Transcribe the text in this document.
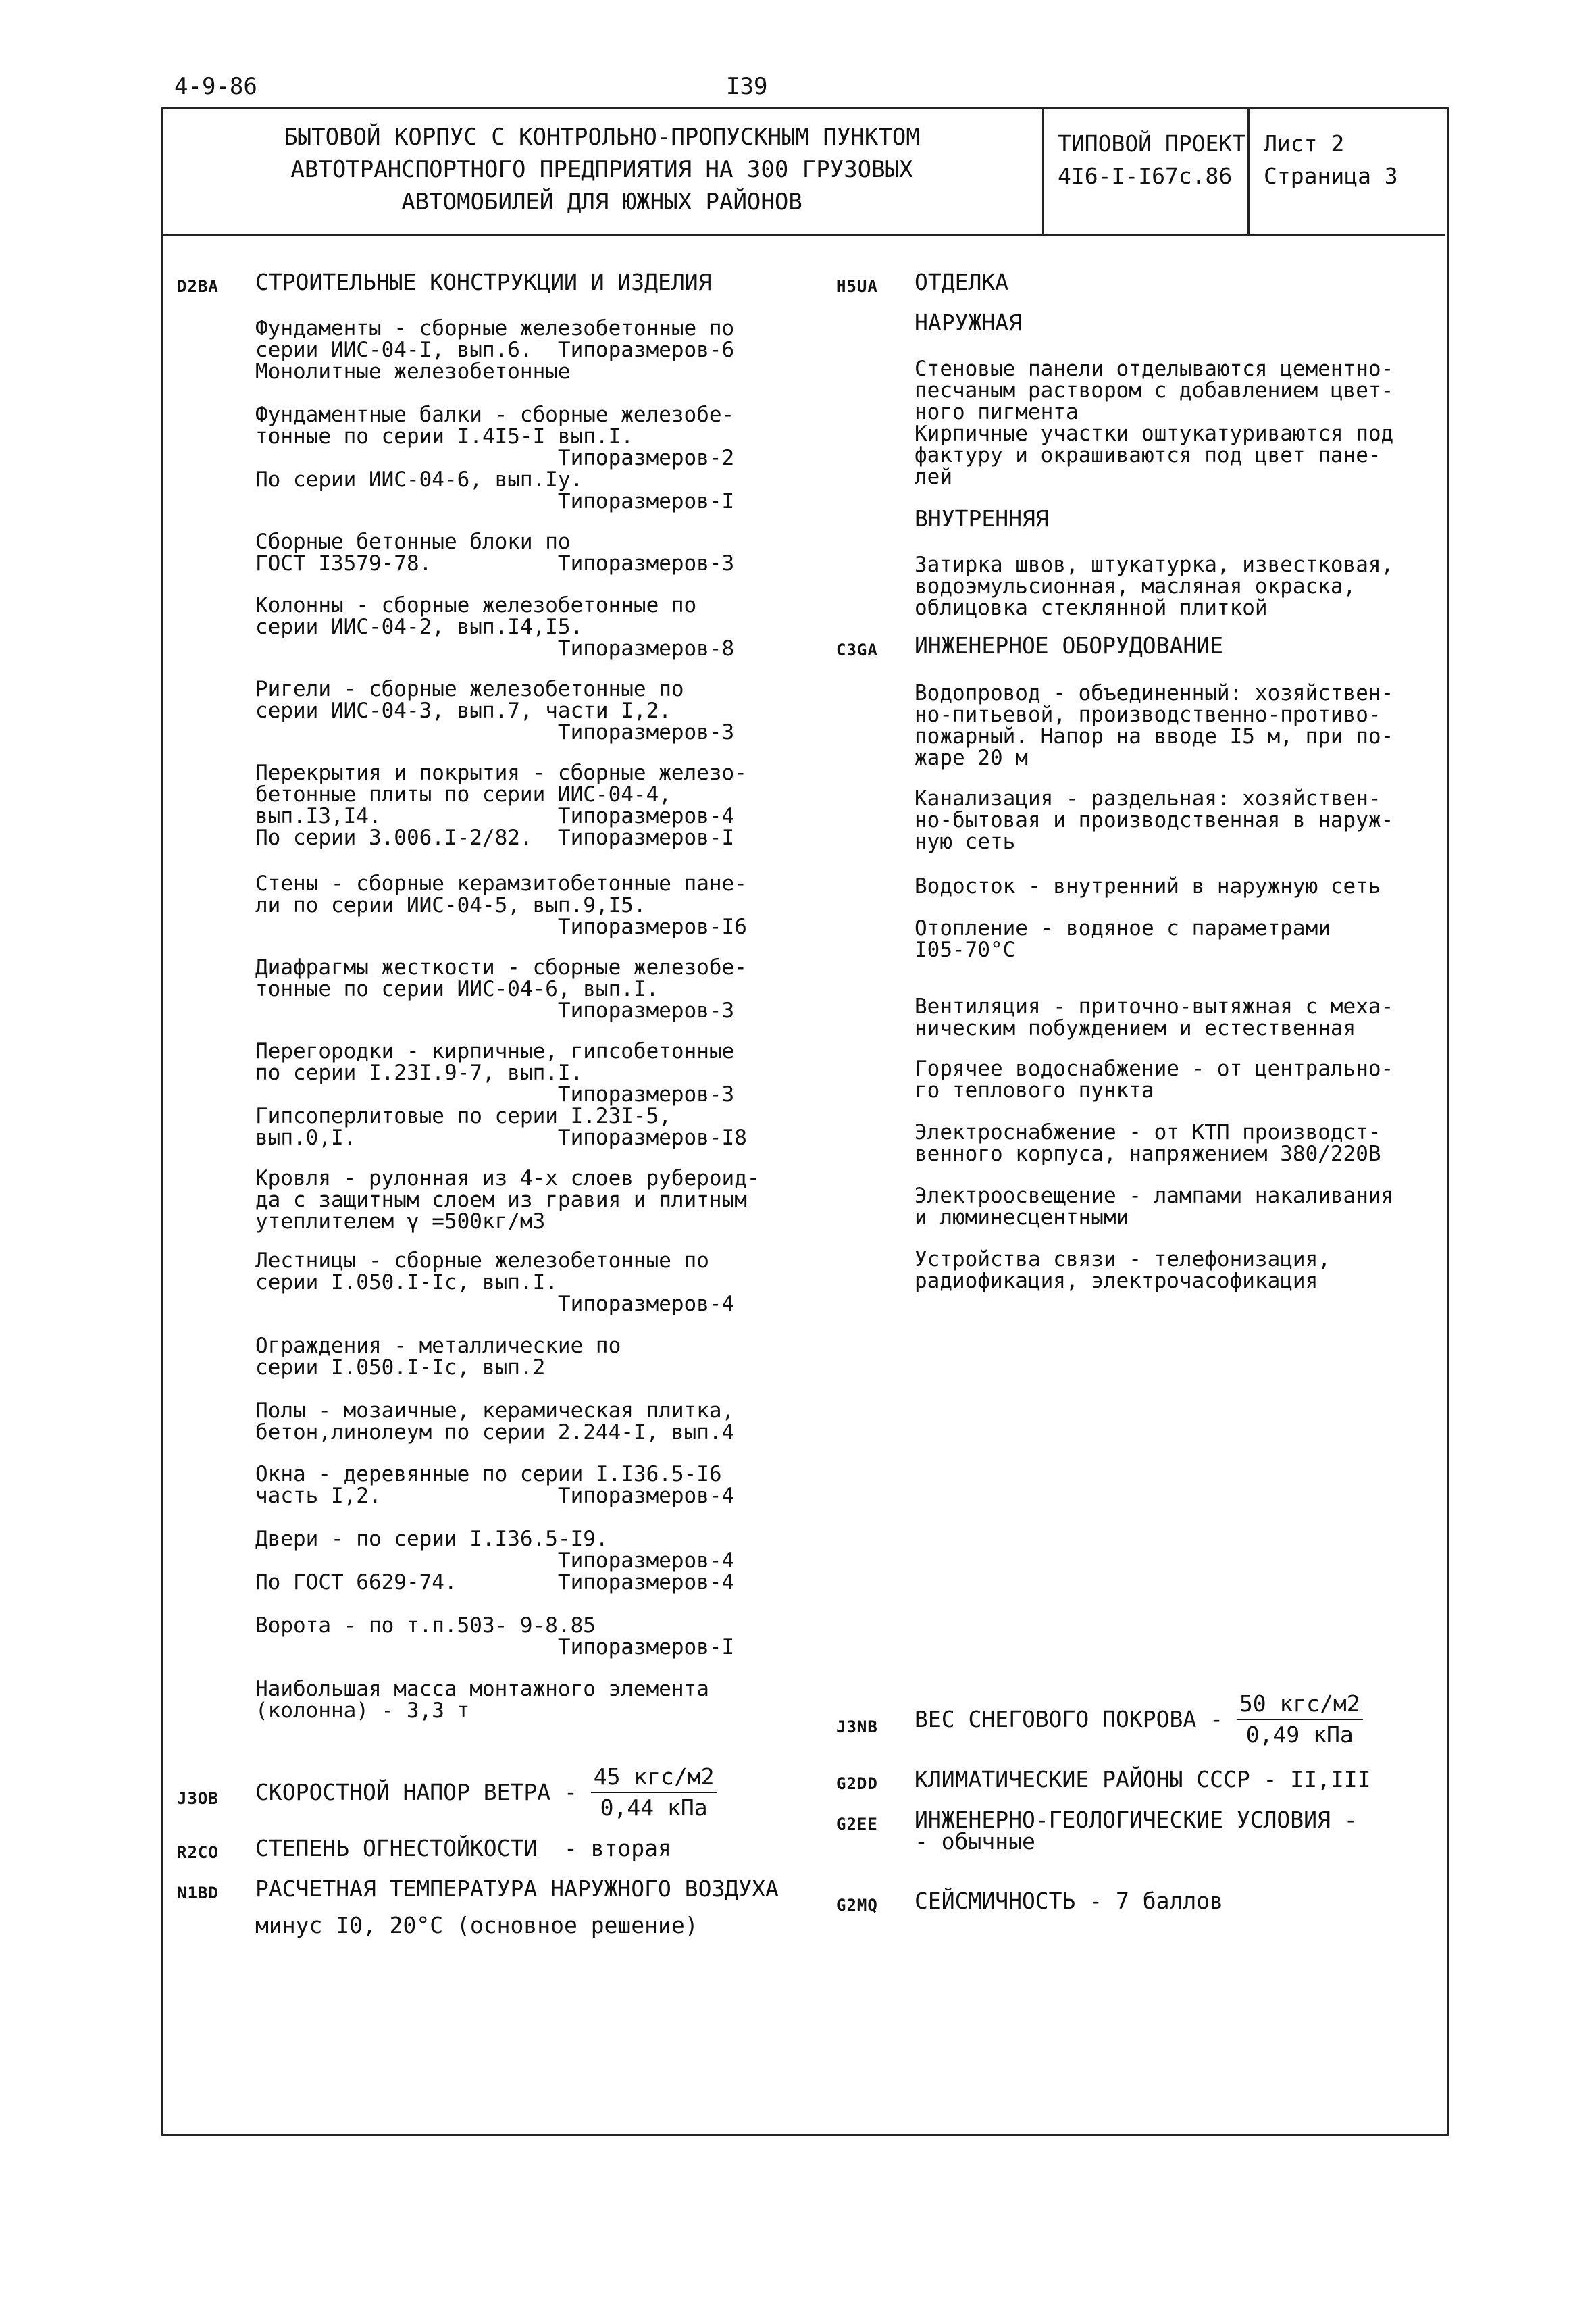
4-9-86	I39
БЫТОВОЙ КОРПУС С КОНТРОЛЬНО-ПРОПУСКНЫМ ПУНКТОМ
АВТОТРАНСПОРТНОГО ПРЕДПРИЯТИЯ НА 300 ГРУЗОВЫХ
АВТОМОБИЛЕЙ ДЛЯ ЮЖНЫХ РАЙОНОВ
ТИПОВОЙ ПРОЕКТ
4I6-I-I67с.86
Лист 2
Страница 3
D2BA СТРОИТЕЛЬНЫЕ КОНСТРУКЦИИ И ИЗДЕЛИЯ
Фундаменты - сборные железобетонные по
серии ИИС-04-I, вып.6.  Типоразмеров-6
Монолитные железобетонные
Фундаментные балки - сборные железобе-
тонные по серии I.4I5-I вып.I.
Типоразмеров-2
По серии ИИС-04-6, вып.Iу.
Типоразмеров-I
Сборные бетонные блоки по
ГОСТ I3579-78.          Типоразмеров-3
Колонны - сборные железобетонные по
серии ИИС-04-2, вып.I4,I5.
Типоразмеров-8
Ригели - сборные железобетонные по
серии ИИС-04-3, вып.7, части I,2.
Типоразмеров-3
Перекрытия и покрытия - сборные железо-
бетонные плиты по серии ИИС-04-4,
вып.I3,I4.              Типоразмеров-4
По серии 3.006.I-2/82.  Типоразмеров-I
Стены - сборные керамзитобетонные пане-
ли по серии ИИС-04-5, вып.9,I5.
Типоразмеров-I6
Диафрагмы жесткости - сборные железобе-
тонные по серии ИИС-04-6, вып.I.
Типоразмеров-3
Перегородки - кирпичные, гипсобетонные
по серии I.23I.9-7, вып.I.
Типоразмеров-3
Гипсоперлитовые по серии I.23I-5,
вып.0,I.                Типоразмеров-I8
Кровля - рулонная из 4-х слоев рубероид-
да с защитным слоем из гравия и плитным
утеплителем γ =500кг/м3
Лестницы - сборные железобетонные по
серии I.050.I-Iс, вып.I.
Типоразмеров-4
Ограждения - металлические по
серии I.050.I-Iс, вып.2
Полы - мозаичные, керамическая плитка,
бетон,линолеум по серии 2.244-I, вып.4
Окна - деревянные по серии I.I36.5-I6
часть I,2.              Типоразмеров-4
Двери - по серии I.I36.5-I9.
Типоразмеров-4
По ГОСТ 6629-74.        Типоразмеров-4
Ворота - по т.п.503- 9-8.85
Типоразмеров-I
Наибольшая масса монтажного элемента
(колонна) - 3,3 т
J3OB СКОРОСТНОЙ НАПОР ВЕТРА - $\frac{\text{45 кгс/м2}}{\text{0,44 кПа}}$
R2CO СТЕПЕНЬ ОГНЕСТОЙКОСТИ  - вторая
N1BD РАСЧЕТНАЯ ТЕМПЕРАТУРА НАРУЖНОГО ВОЗДУХА
минус I0, 20°С (основное решение)
H5UA ОТДЕЛКА
НАРУЖНАЯ
Стеновые панели отделываются цементно-
песчаным раствором с добавлением цвет-
ного пигмента
Кирпичные участки оштукатуриваются под
фактуру и окрашиваются под цвет пане-
лей
ВНУТРЕННЯЯ
Затирка швов, штукатурка, известковая,
водоэмульсионная, масляная окраска,
облицовка стеклянной плиткой
C3GA ИНЖЕНЕРНОЕ ОБОРУДОВАНИЕ
Водопровод - объединенный: хозяйствен-
но-питьевой, производственно-противо-
пожарный. Напор на вводе I5 м, при по-
жаре 20 м
Канализация - раздельная: хозяйствен-
но-бытовая и производственная в наруж-
ную сеть
Водосток - внутренний в наружную сеть
Отопление - водяное с параметрами
I05-70°С
Вентиляция - приточно-вытяжная с меха-
ническим побуждением и естественная
Горячее водоснабжение - от центрально-
го теплового пункта
Электроснабжение - от КТП производст-
венного корпуса, напряжением 380/220В
Электроосвещение - лампами накаливания
и люминесцентными
Устройства связи - телефонизация,
радиофикация, электрочасофикация
J3NB ВЕС СНЕГОВОГО ПОКРОВА - $\frac{\text{50 кгс/м2}}{\text{0,49 кПа}}$
G2DD КЛИМАТИЧЕСКИЕ РАЙОНЫ СССР - II,III
G2EE ИНЖЕНЕРНО-ГЕОЛОГИЧЕСКИЕ УСЛОВИЯ -
- обычные
G2MQ СЕЙСМИЧНОСТЬ - 7 баллов
